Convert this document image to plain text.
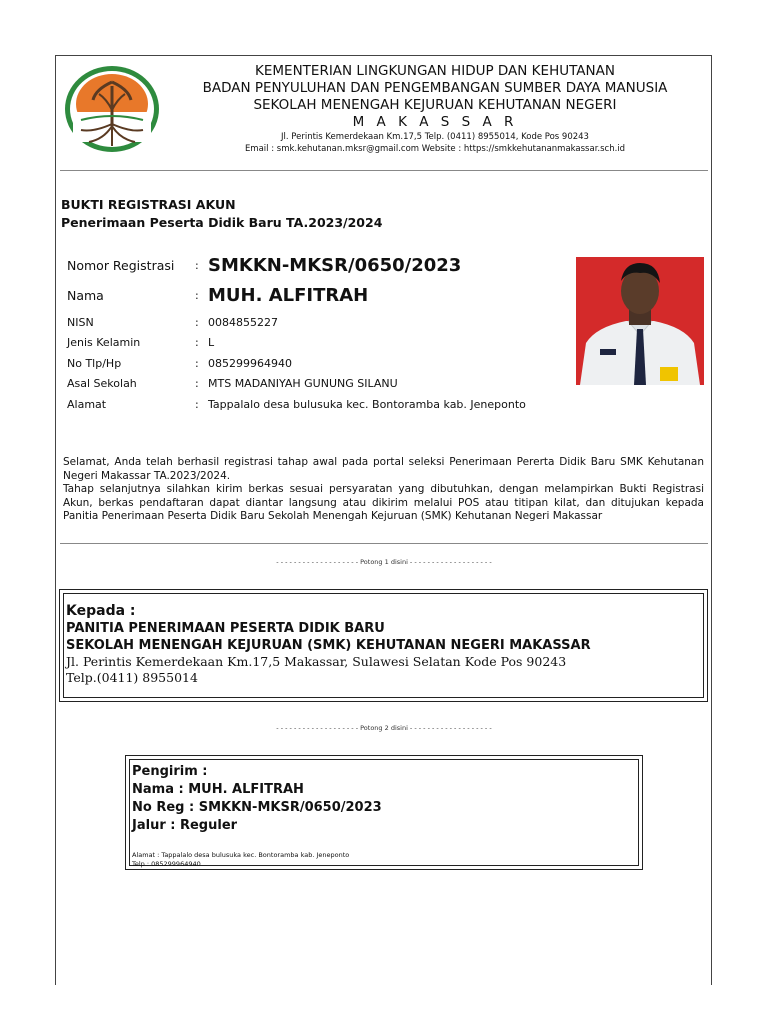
KEMENTERIAN LINGKUNGAN HIDUP DAN KEHUTANAN
BADAN PENYULUHAN DAN PENGEMBANGAN SUMBER DAYA MANUSIA
SEKOLAH MENENGAH KEJURUAN KEHUTANAN NEGERI
M A K A S S A R
Jl. Perintis Kemerdekaan Km.17,5 Telp. (0411) 8955014, Kode Pos 90243
Email : smk.kehutanan.mksr@gmail.com Website : https://smkkehutananmakassar.sch.id
BUKTI REGISTRASI AKUN
Penerimaan Peserta Didik Baru TA.2023/2024
Nomor Registrasi	: SMKKN-MKSR/0650/2023
Nama	: MUH. ALFITRAH
NISN	: 0084855227
Jenis Kelamin	: L
No Tlp/Hp	: 085299964940
Asal Sekolah	: MTS MADANIYAH GUNUNG SILANU
Alamat	: Tappalalo desa bulusuka kec. Bontoramba kab. Jeneponto
Selamat, Anda telah berhasil registrasi tahap awal pada portal seleksi Penerimaan Pererta Didik Baru SMK Kehutanan Negeri Makassar TA.2023/2024.
Tahap selanjutnya silahkan kirim berkas sesuai persyaratan yang dibutuhkan, dengan melampirkan Bukti Registrasi Akun, berkas pendaftaran dapat diantar langsung atau dikirim melalui POS atau titipan kilat, dan ditujukan kepada Panitia Penerimaan Peserta Didik Baru Sekolah Menengah Kejuruan (SMK) Kehutanan Negeri Makassar
- - - - - - - - - - - - - - - - - - - Potong 1 disini - - - - - - - - - - - - - - - - - - -
Kepada :
PANITIA PENERIMAAN PESERTA DIDIK BARU
SEKOLAH MENENGAH KEJURUAN (SMK) KEHUTANAN NEGERI MAKASSAR
Jl. Perintis Kemerdekaan Km.17,5 Makassar, Sulawesi Selatan Kode Pos 90243
Telp.(0411) 8955014
- - - - - - - - - - - - - - - - - - - Potong 2 disini - - - - - - - - - - - - - - - - - - -
Pengirim :
Nama : MUH. ALFITRAH
No Reg : SMKKN-MKSR/0650/2023
Jalur : Reguler
Alamat : Tappalalo desa bulusuka kec. Bontoramba kab. Jeneponto
Telp : 085299964940
